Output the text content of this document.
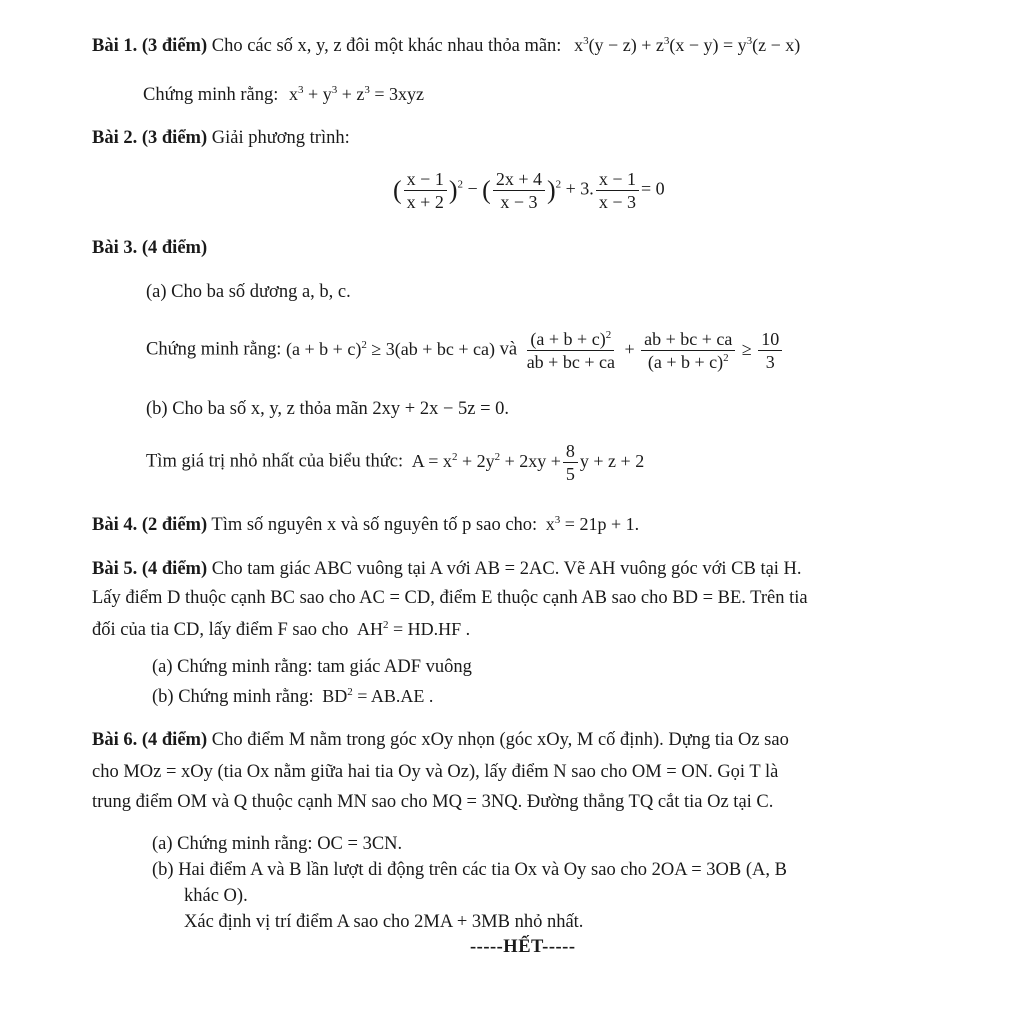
Bài 1. (3 điểm) Cho các số x, y, z đôi một khác nhau thỏa mãn: $x^3(y - z) + z^3(x - y) = y^3(z - x)$
Chứng minh rằng: $x^3 + y^3 + z^3 = 3xyz$
Bài 2. (3 điểm) Giải phương trình:
( $\frac{x - 1}{x + 2} )^2$ − ( $\frac{2x + 4}{x - 3} )^2 + 3$. $\frac{x - 1}{x - 3} = 0$
Bài 3. (4 điểm)
(a) Cho ba số dương a, b, c.
Chứng minh rằng: $(a + b + c)^2 \ge 3(ab$ + bc + ca) và $\frac{(a + b + c)^2}{ab + bc + ca} + \frac{ab + bc + ca}{(a + b + c)^2} \ge \frac{10}{3}$
(b) Cho ba số x, y, z thỏa mãn 2xy + 2x − 5z = 0.
Tìm giá trị nhỏ nhất của biểu thức: $A = x^2 + 2y^2 + 2xy + \frac{8}{5}$ y + z + 2
Bài 4. (2 điểm) Tìm số nguyên x và số nguyên tố p sao cho: $x^3 = 21p + 1$.
Bài 5. (4 điểm) Cho tam giác ABC vuông tại A với AB = 2AC. Vẽ AH vuông góc với CB tại H.
Lấy điểm D thuộc cạnh BC sao cho AC = CD, điểm E thuộc cạnh AB sao cho BD = BE. Trên tia
đối của tia CD, lấy điểm F sao cho $AH^2 = HD.HF$ .
(a) Chứng minh rằng: tam giác ADF vuông
(b) Chứng minh rằng: $BD^2 = AB.AE$ .
Bài 6. (4 điểm) Cho điểm M nằm trong góc xOy nhọn (góc xOy, M cố định). Dựng tia Oz sao
cho MOz = xOy (tia Ox nằm giữa hai tia Oy và Oz), lấy điểm N sao cho OM = ON. Gọi T là
trung điểm OM và Q thuộc cạnh MN sao cho MQ = 3NQ. Đường thẳng TQ cắt tia Oz tại C.
(a) Chứng minh rằng: OC = 3CN.
(b) Hai điểm A và B lần lượt di động trên các tia Ox và Oy sao cho 2OA = 3OB (A, B
khác O).
Xác định vị trí điểm A sao cho 2MA + 3MB nhỏ nhất.
-----HẾT-----
